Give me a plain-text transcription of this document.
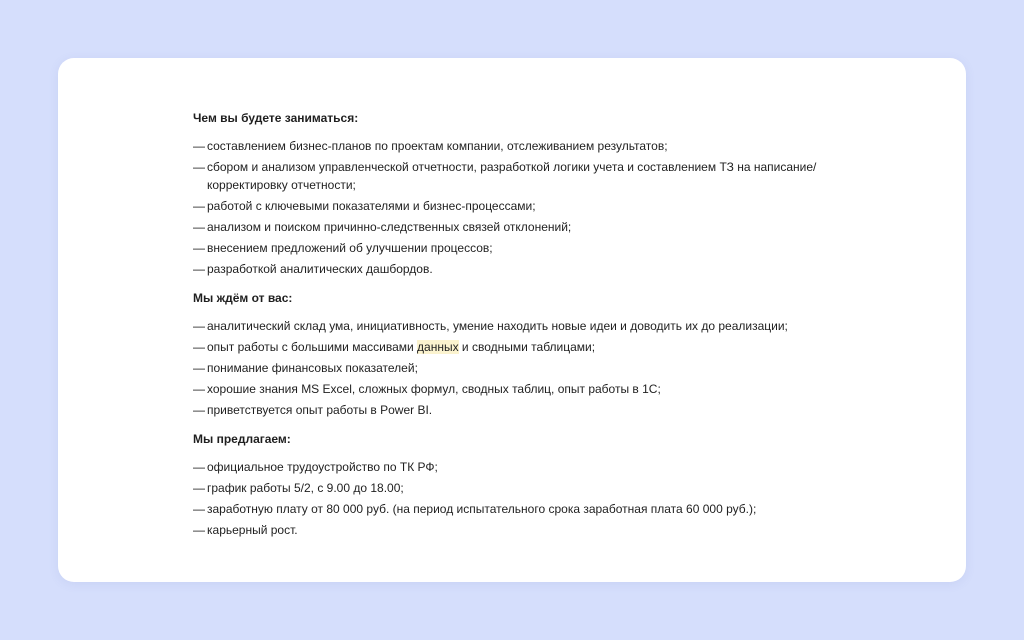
Чем вы будете заниматься:
— составлением бизнес-планов по проектам компании, отслеживанием результатов;
— сбором и анализом управленческой отчетности, разработкой логики учета и составлением ТЗ на написание/ корректировку отчетности;
— работой с ключевыми показателями и бизнес-процессами;
— анализом и поиском причинно-следственных связей отклонений;
— внесением предложений об улучшении процессов;
— разработкой аналитических дашбордов.
Мы ждём от вас:
— аналитический склад ума, инициативность, умение находить новые идеи и доводить их до реализации;
— опыт работы с большими массивами данных и сводными таблицами;
— понимание финансовых показателей;
— хорошие знания MS Excel, сложных формул, сводных таблиц, опыт работы в 1С;
— приветствуется опыт работы в Power BI.
Мы предлагаем:
— официальное трудоустройство по ТК РФ;
— график работы 5/2, с 9.00 до 18.00;
— заработную плату от 80 000 руб. (на период испытательного срока заработная плата 60 000 руб.);
— карьерный рост.
